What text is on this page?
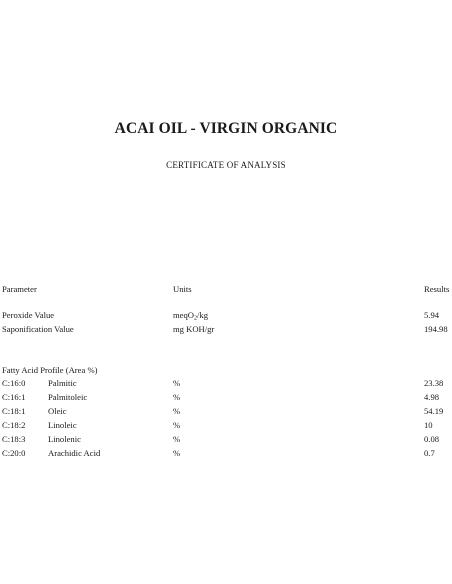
ACAI OIL - VIRGIN ORGANIC
CERTIFICATE OF ANALYSIS
Parameter	Units	Results
Peroxide Value	meqO$_2$/kg	5.94
Saponification Value	mg KOH/gr	194.98
Fatty Acid Profile (Area %)
C:16:0	Palmitic	%	23.38
C:16:1	Palmitoleic	%	4.98
C:18:1	Oleic	%	54.19
C:18:2	Linoleic	%	10
C:18:3	Linolenic	%	0.08
C:20:0	Arachidic Acid	%	0.7
